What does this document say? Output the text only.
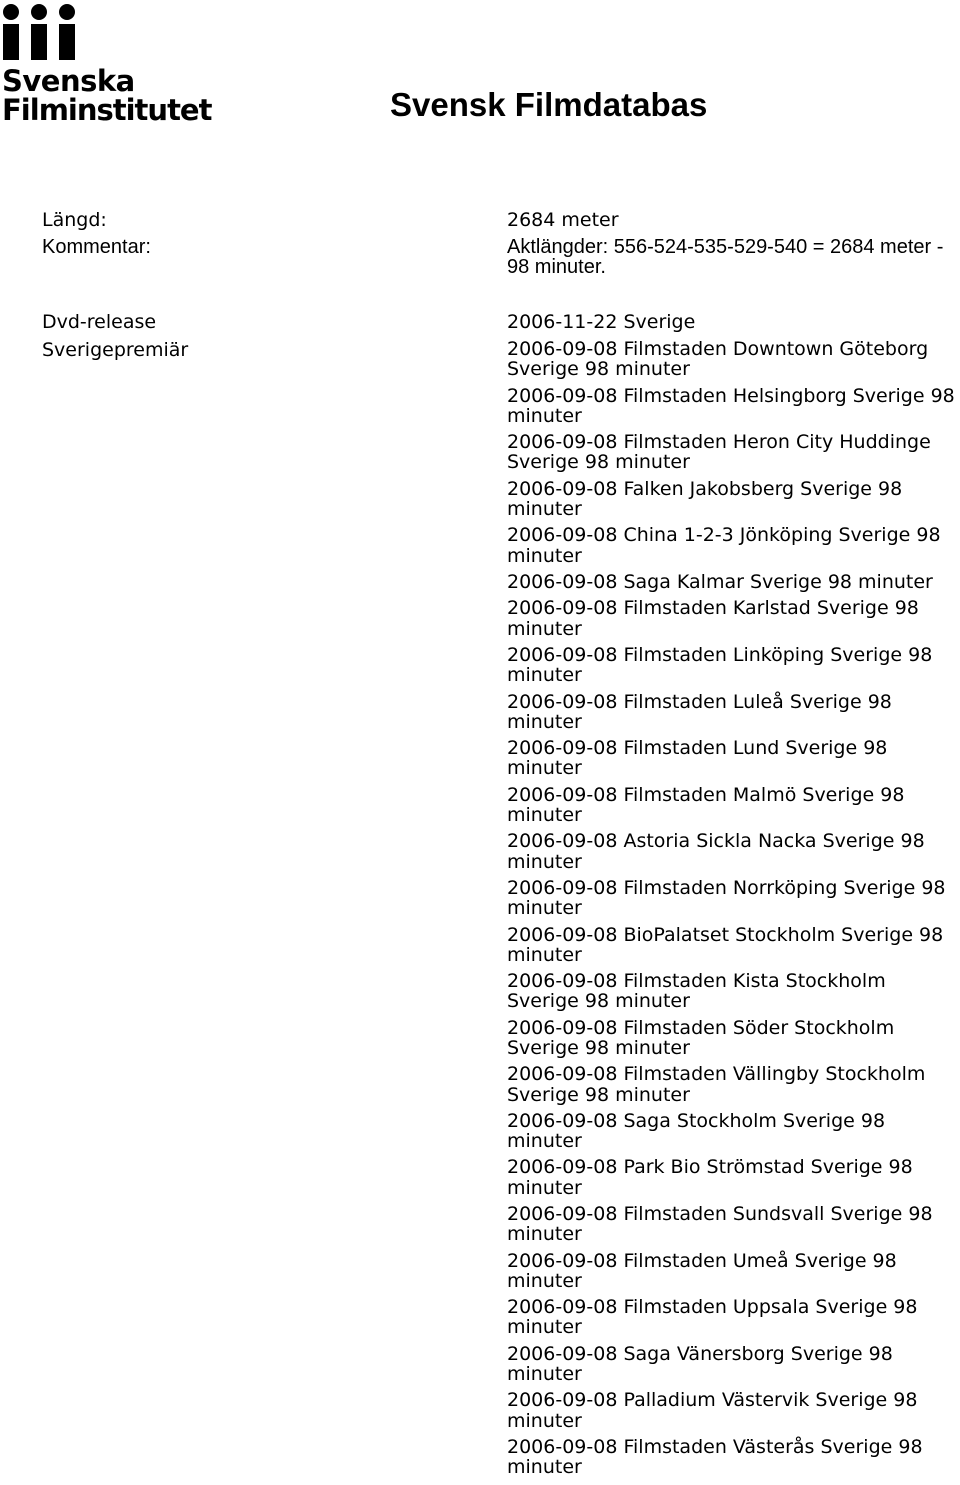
Svenska
Filminstitutet	Svensk Filmdatabas
Längd:	2684 meter
Kommentar:	Aktlängder: 556-524-535-529-540 = 2684 meter - 98 minuter.
Dvd-release	2006-11-22 Sverige
Sverigepremiär	2006-09-08 Filmstaden Downtown Göteborg Sverige 98 minuter
2006-09-08 Filmstaden Helsingborg Sverige 98 minuter
2006-09-08 Filmstaden Heron City Huddinge Sverige 98 minuter
2006-09-08 Falken Jakobsberg Sverige 98 minuter
2006-09-08 China 1-2-3 Jönköping Sverige 98 minuter
2006-09-08 Saga Kalmar Sverige 98 minuter
2006-09-08 Filmstaden Karlstad Sverige 98 minuter
2006-09-08 Filmstaden Linköping Sverige 98 minuter
2006-09-08 Filmstaden Luleå Sverige 98 minuter
2006-09-08 Filmstaden Lund Sverige 98 minuter
2006-09-08 Filmstaden Malmö Sverige 98 minuter
2006-09-08 Astoria Sickla Nacka Sverige 98 minuter
2006-09-08 Filmstaden Norrköping Sverige 98 minuter
2006-09-08 BioPalatset Stockholm Sverige 98 minuter
2006-09-08 Filmstaden Kista Stockholm Sverige 98 minuter
2006-09-08 Filmstaden Söder Stockholm Sverige 98 minuter
2006-09-08 Filmstaden Vällingby Stockholm Sverige 98 minuter
2006-09-08 Saga Stockholm Sverige 98 minuter
2006-09-08 Park Bio Strömstad Sverige 98 minuter
2006-09-08 Filmstaden Sundsvall Sverige 98 minuter
2006-09-08 Filmstaden Umeå Sverige 98 minuter
2006-09-08 Filmstaden Uppsala Sverige 98 minuter
2006-09-08 Saga Vänersborg Sverige 98 minuter
2006-09-08 Palladium Västervik Sverige 98 minuter
2006-09-08 Filmstaden Västerås Sverige 98 minuter
